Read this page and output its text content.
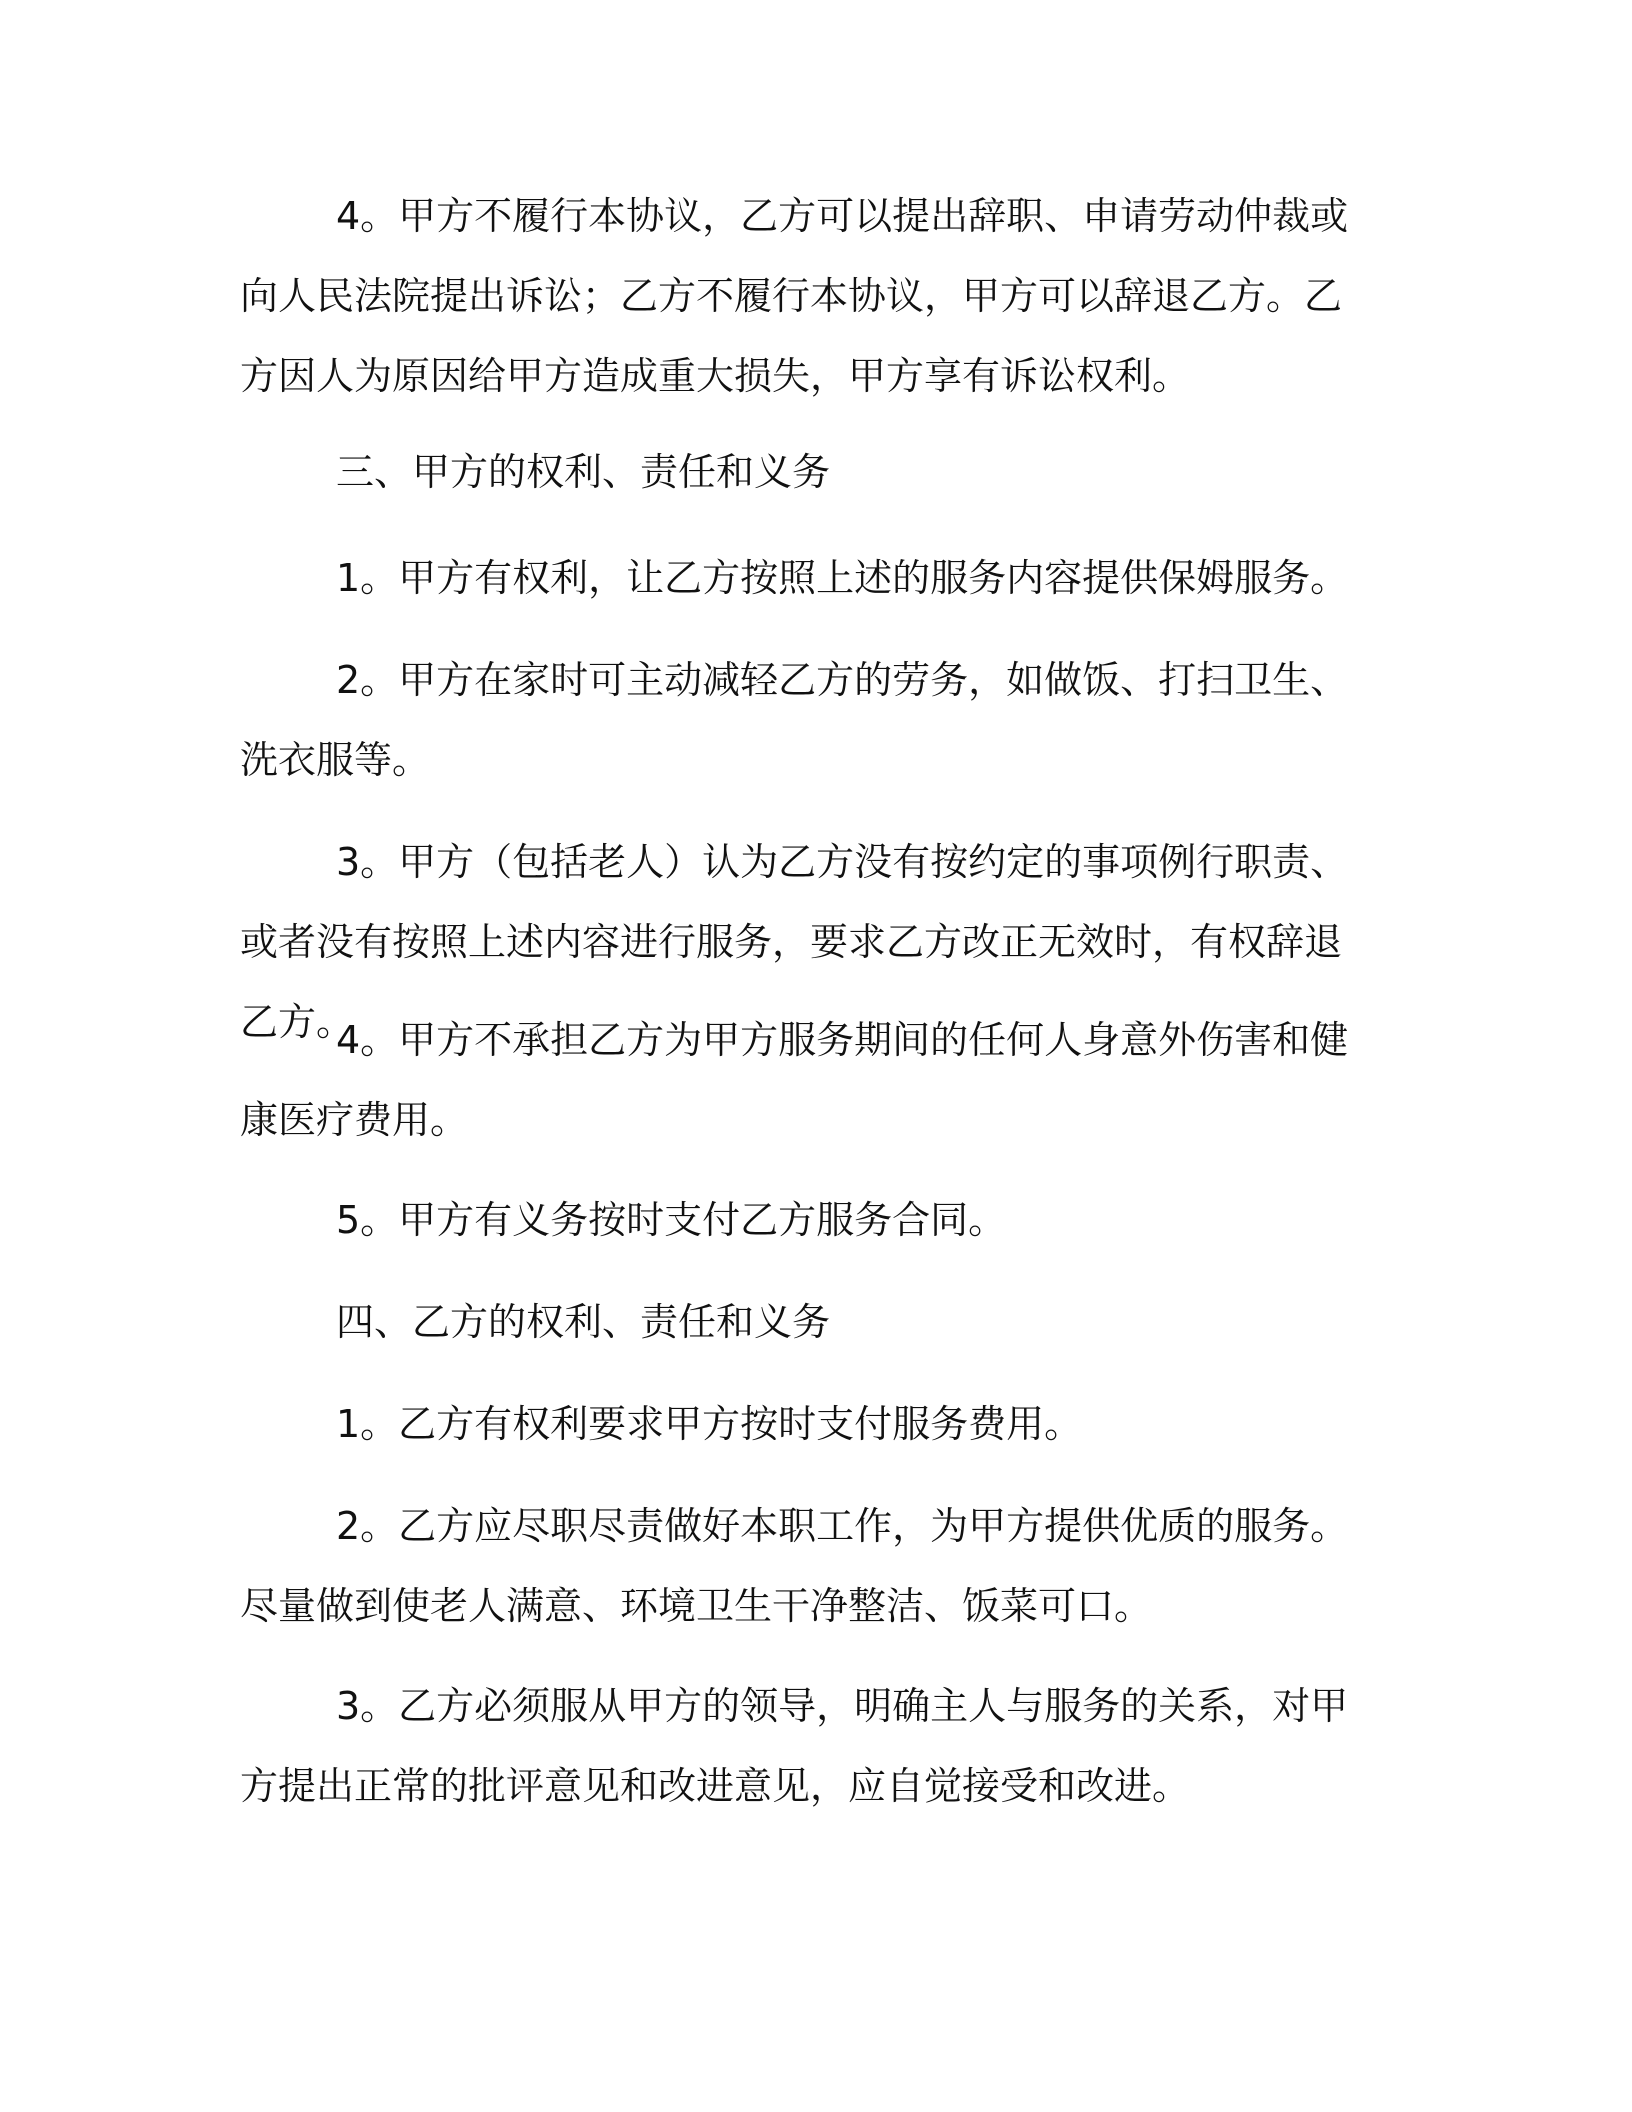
4。甲方不履行本协议，乙方可以提出辞职、申请劳动仲裁或向人民法院提出诉讼；乙方不履行本协议，甲方可以辞退乙方。乙方因人为原因给甲方造成重大损失，甲方享有诉讼权利。

三、甲方的权利、责任和义务

1。甲方有权利，让乙方按照上述的服务内容提供保姆服务。

2。甲方在家时可主动减轻乙方的劳务，如做饭、打扫卫生、洗衣服等。

3。甲方（包括老人）认为乙方没有按约定的事项例行职责、或者没有按照上述内容进行服务，要求乙方改正无效时，有权辞退乙方。

4。甲方不承担乙方为甲方服务期间的任何人身意外伤害和健康医疗费用。

5。甲方有义务按时支付乙方服务合同。

四、乙方的权利、责任和义务

1。乙方有权利要求甲方按时支付服务费用。

2。乙方应尽职尽责做好本职工作，为甲方提供优质的服务。尽量做到使老人满意、环境卫生干净整洁、饭菜可口。

3。乙方必须服从甲方的领导，明确主人与服务的关系，对甲方提出正常的批评意见和改进意见，应自觉接受和改进。
